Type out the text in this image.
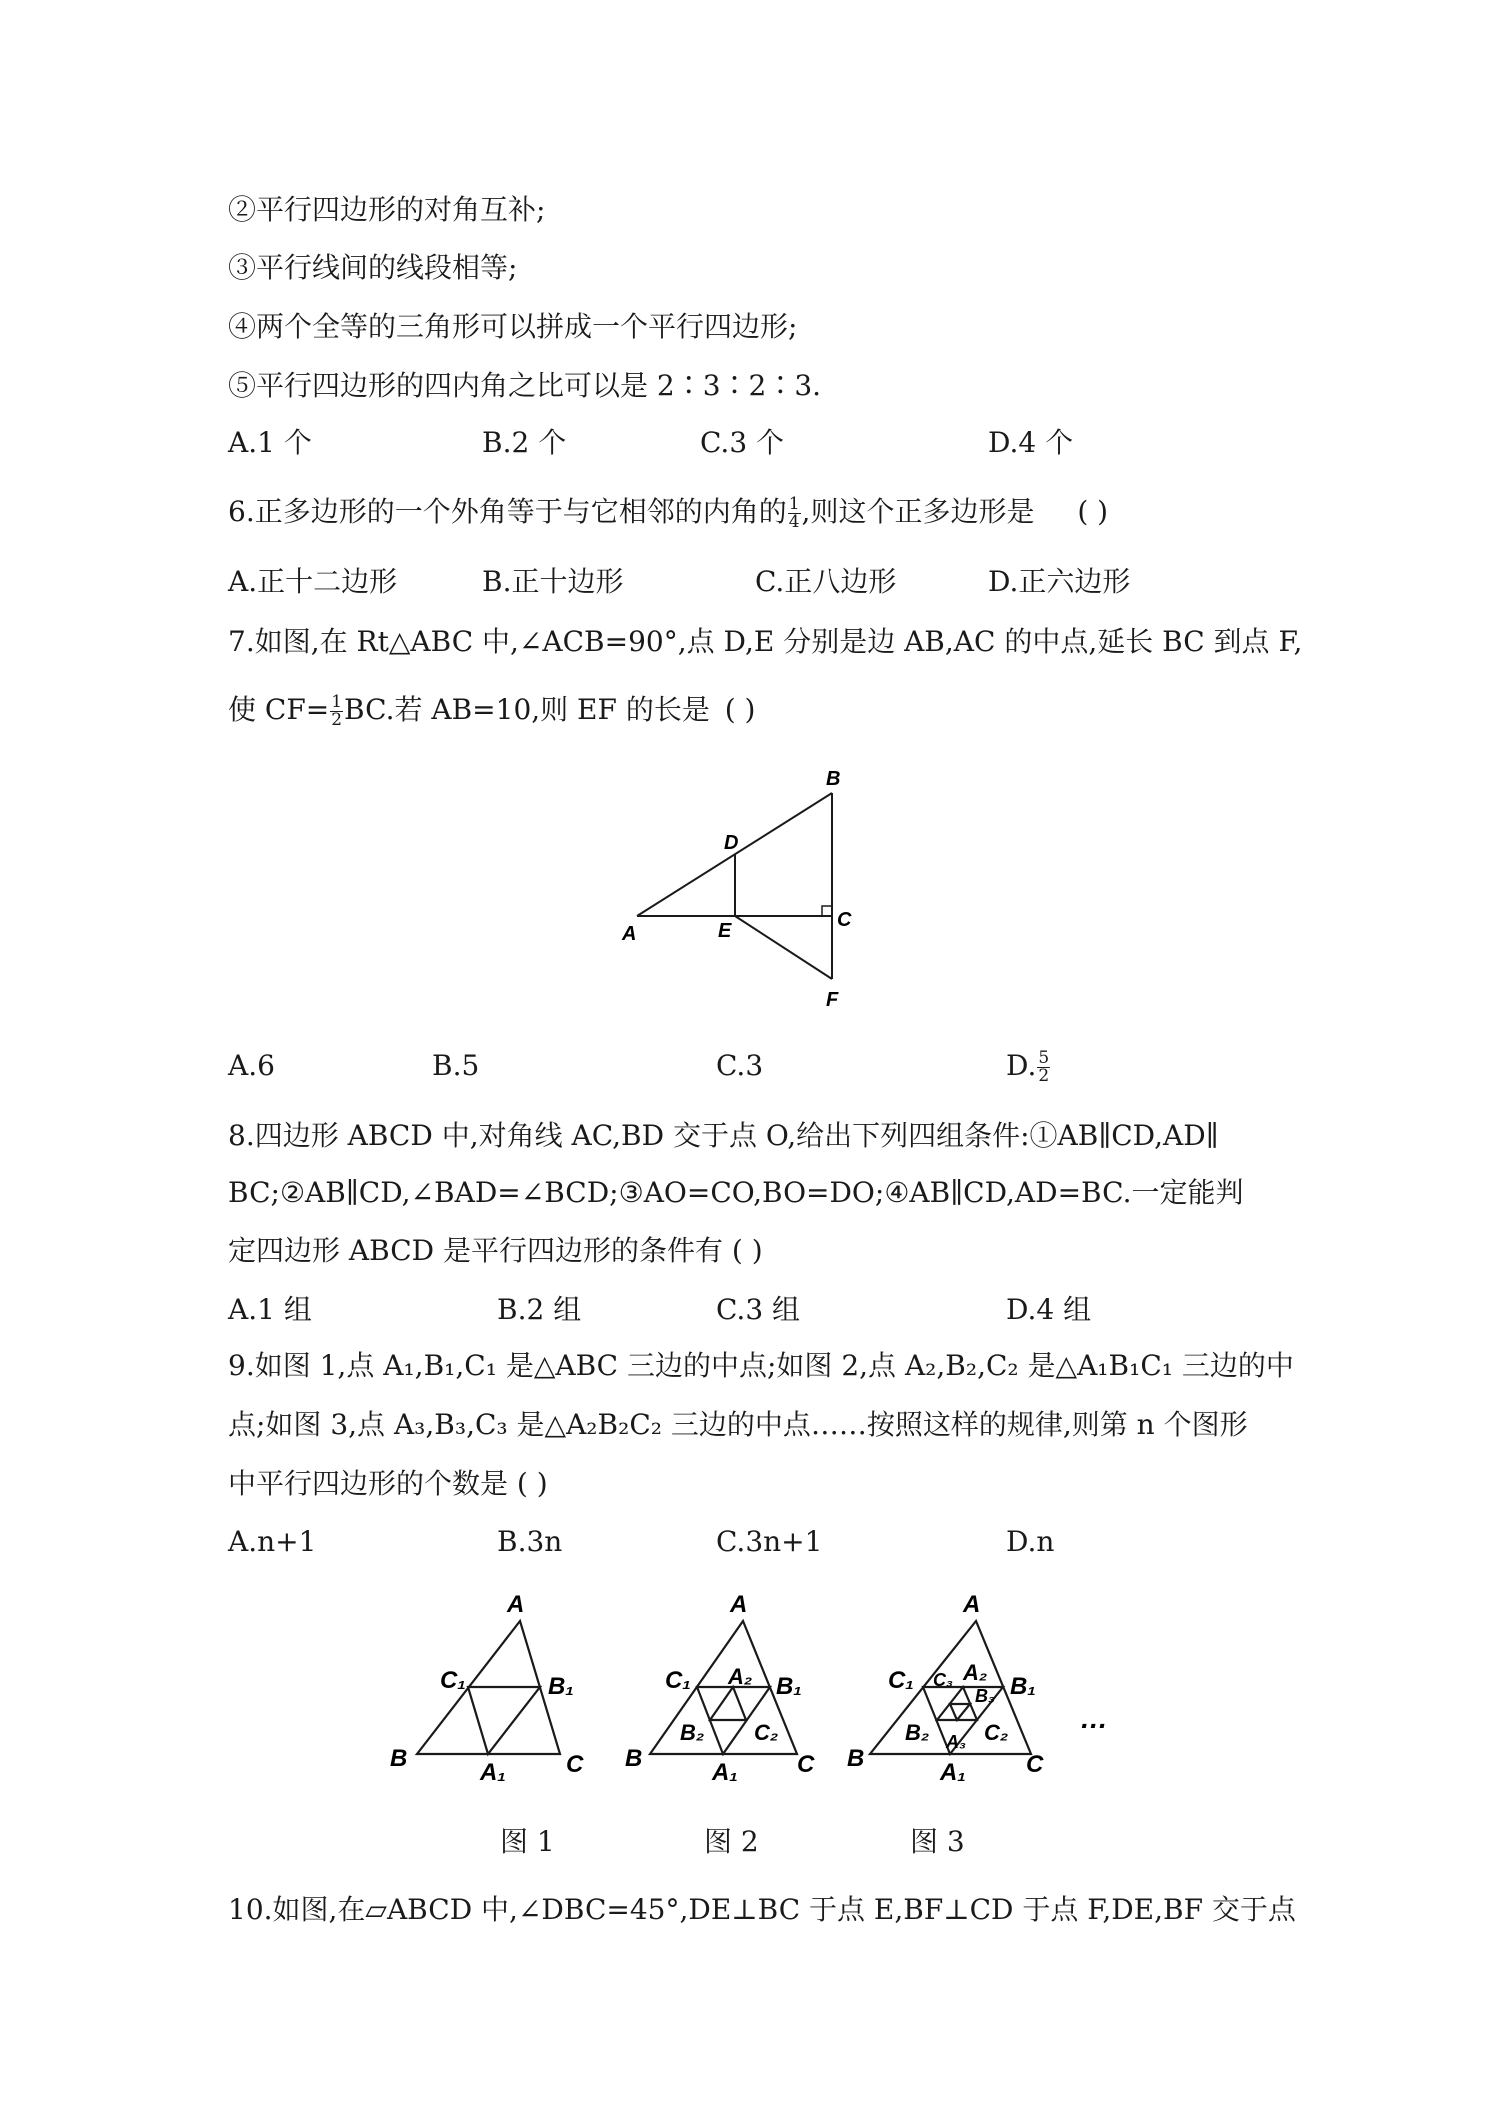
②平行四边形的对角互补;
③平行线间的线段相等;
④两个全等的三角形可以拼成一个平行四边形;
⑤平行四边形的四内角之比可以是 2∶3∶2∶3.
A.1 个	B.2 个	C.3 个	D.4 个
6.正多边形的一个外角等于与它相邻的内角的 $\frac{1}{4}$ ,则这个正多边形是 ( )
A.正十二边形	B.正十边形	C.正八边形	D.正六边形
7.如图,在 Rt△ABC 中,∠ACB=90°,点 D,E 分别是边 AB,AC 的中点,延长 BC 到点 F,
使 $CF= \frac{1}{2}$ BC.若 AB=10,则 EF 的长是 ( )
A
B
C
D
E
F
A.6	B.5	C.3	D. $\frac{5}{2}$
8.四边形 ABCD 中,对角线 AC,BD 交于点 O,给出下列四组条件:①AB∥CD,AD∥
BC;②AB∥CD,∠BAD=∠BCD;③AO=CO,BO=DO;④AB∥CD,AD=BC.一定能判
定四边形 ABCD 是平行四边形的条件有 ( )
A.1 组	B.2 组	C.3 组	D.4 组
9.如图 1,点 A₁,B₁,C₁ 是△ABC 三边的中点;如图 2,点 A₂,B₂,C₂ 是△A₁B₁C₁ 三边的中
点;如图 3,点 A₃,B₃,C₃ 是△A₂B₂C₂ 三边的中点……按照这样的规律,则第 n 个图形
中平行四边形的个数是 ( )
A.n+1	B.3n	C.3n+1	D.n
A
C₁	B₁
B
A₁	C
A
C₁ A₂ B₁
B₂ C₂
B
A₁ C
A
C₁ C₃ A₂
B₃ B₁
B₂ A₃ C₂
B
A₁	C
…
图 1	图 2	图 3
10.如图,在▱ABCD 中,∠DBC=45°,DE⊥BC 于点 E,BF⊥CD 于点 F,DE,BF 交于点
